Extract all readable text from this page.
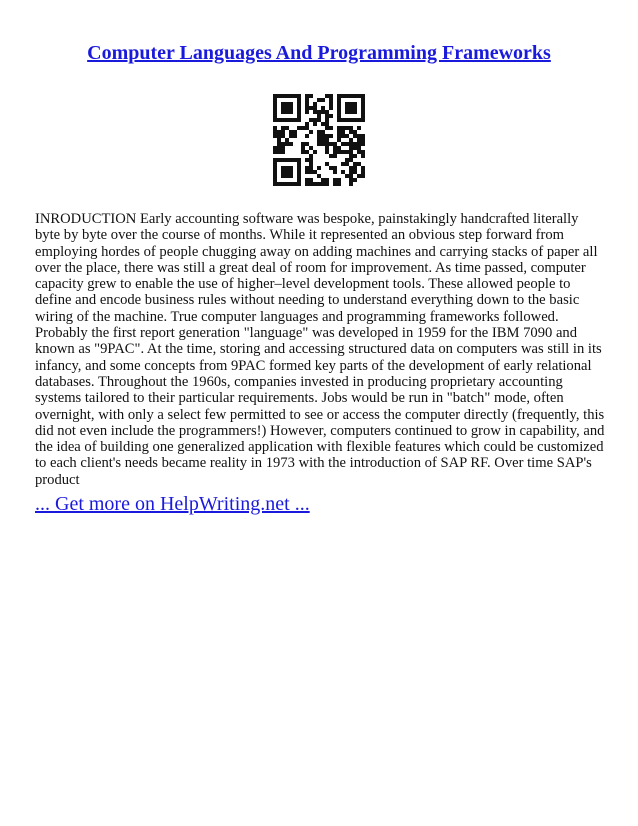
Computer Languages And Programming Frameworks

INRODUCTION Early accounting software was bespoke, painstakingly handcrafted literally byte by byte over the course of months. While it represented an obvious step forward from employing hordes of people chugging away on adding machines and carrying stacks of paper all over the place, there was still a great deal of room for improvement. As time passed, computer capacity grew to enable the use of higher–level development tools. These allowed people to define and encode business rules without needing to understand everything down to the basic wiring of the machine. True computer languages and programming frameworks followed. Probably the first report generation "language" was developed in 1959 for the IBM 7090 and known as "9PAC". At the time, storing and accessing structured data on computers was still in its infancy, and some concepts from 9PAC formed key parts of the development of early relational databases. Throughout the 1960s, companies invested in producing proprietary accounting systems tailored to their particular requirements. Jobs would be run in "batch" mode, often overnight, with only a select few permitted to see or access the computer directly (frequently, this did not even include the programmers!) However, computers continued to grow in capability, and the idea of building one generalized application with flexible features which could be customized to each client's needs became reality in 1973 with the introduction of SAP RF. Over time SAP's product

... Get more on HelpWriting.net ...
